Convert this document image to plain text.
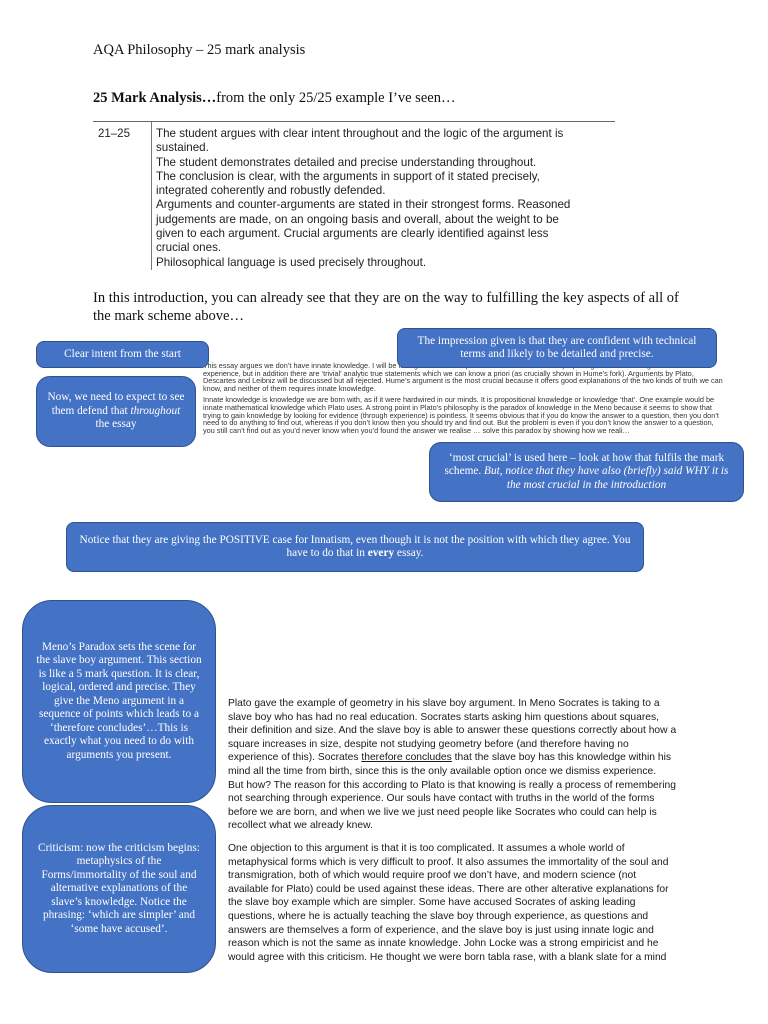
AQA Philosophy – 25 mark analysis
25 Mark Analysis…from the only 25/25 example I’ve seen…
21–25 The student argues with clear intent throughout and the logic of the argument is
sustained.
The student demonstrates detailed and precise understanding throughout.
The conclusion is clear, with the arguments in support of it stated precisely,
integrated coherently and robustly defended.
Arguments and counter-arguments are stated in their strongest forms. Reasoned
judgements are made, on an ongoing basis and overall, about the weight to be
given to each argument. Crucial arguments are clearly identified against less
crucial ones.
Philosophical language is used precisely throughout.
In this introduction, you can already see that they are on the way to fulfilling the key aspects of all of the mark scheme above…

This essay argues we don’t have innate knowledge. I will be experience, but in addition there are ‘trivial’ analytic true statements which we can know a priori (as crucially shown in Hume’s fork). Arguments by Plato, Descartes and Leibniz will be discussed but all rejected. Hume’s argument is the most crucial because it offers good explanations of the two kinds of truth we can know, and neither of them requires innate knowledge.

Innate knowledge is knowledge we are born with, as if it were hardwired in our minds. It is propositional knowledge or knowledge ‘that’. One example would be innate mathematical knowledge which Plato uses. A strong point in Plato’s philosophy is the paradox of knowledge in the Meno because it seems to show that trying to gain knowledge by looking for evidence (through experience) is pointless. It seems obvious that if you do know the answer to a question, then you don’t need to do anything to find out, whereas if you don’t know then you should try and find out. But the problem is even if you don’t know the answer to a question, you still can’t find out as you’d never know when you’d found the answer we realise … solve this paradox by showing how we reali…

Clear intent from the start
The impression given is that they are confident with technical terms and likely to be detailed and precise.
Now, we need to expect to see them defend that throughout the essay
‘most crucial’ is used here – look at how that fulfils the mark scheme. But, notice that they have also (briefly) said WHY it is the most crucial in the introduction
Notice that they are giving the POSITIVE case for Innatism, even though it is not the position with which they agree. You have to do that in every essay.
Meno’s Paradox sets the scene for the slave boy argument. This section is like a 5 mark question. It is clear, logical, ordered and precise. They give the Meno argument in a sequence of points which leads to a ‘therefore concludes’…This is exactly what you need to do with arguments you present.
Criticism: now the criticism begins: metaphysics of the Forms/immortality of the soul and alternative explanations of the slave’s knowledge. Notice the phrasing: ‘which are simpler’ and ‘some have accused’.
Plato gave the example of geometry in his slave boy argument. In Meno Socrates is taking to a
slave boy who has had no real education. Socrates starts asking him questions about squares,
their definition and size. And the slave boy is able to answer these questions correctly about how a
square increases in size, despite not studying geometry before (and therefore having no
experience of this). Socrates therefore concludes that the slave boy has this knowledge within his
mind all the time from birth, since this is the only available option once we dismiss experience.
But how? The reason for this according to Plato is that knowing is really a process of remembering
not searching through experience. Our souls have contact with truths in the world of the forms
before we are born, and when we live we just need people like Socrates who could can help is
recollect what we already knew.
One objection to this argument is that it is too complicated. It assumes a whole world of
metaphysical forms which is very difficult to proof. It also assumes the immortality of the soul and
transmigration, both of which would require proof we don’t have, and modern science (not
available for Plato) could be used against these ideas. There are other alterative explanations for
the slave boy example which are simpler. Some have accused Socrates of asking leading
questions, where he is actually teaching the slave boy through experience, as questions and
answers are themselves a form of experience, and the slave boy is just using innate logic and
reason which is not the same as innate knowledge. John Locke was a strong empiricist and he
would agree with this criticism. He thought we were born tabla rase, with a blank slate for a mind
